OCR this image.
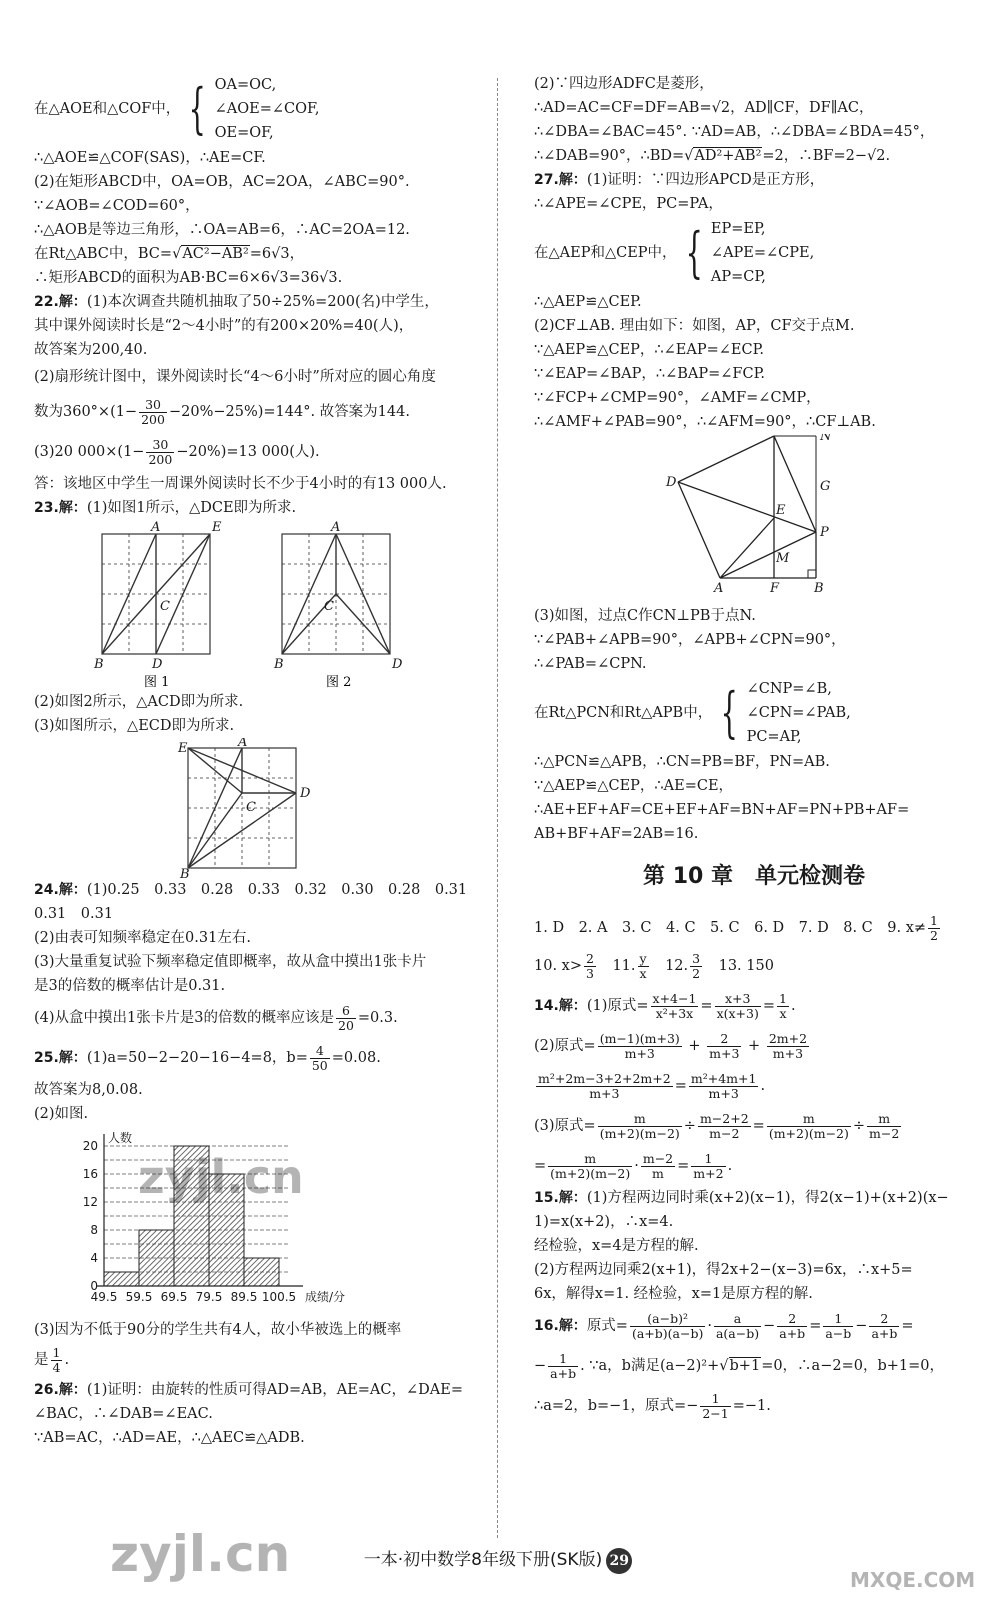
在△AOE和△COF中， { OA=OC,
∠AOE=∠COF,
OE=OF,
∴△AOE≌△COF(SAS)，∴AE=CF.
(2)在矩形ABCD中，OA=OB，AC=2OA，∠ABC=90°.
∵∠AOB=∠COD=60°，
∴△AOB是等边三角形，∴OA=AB=6，∴AC=2OA=12.
在Rt△ABC中，BC=√AC²−AB²=6√3，
∴矩形ABCD的面积为AB·BC=6×6√3=36√3.
22.解：(1)本次调查共随机抽取了50÷25%=200(名)中学生，
其中课外阅读时长是“2～4小时”的有200×20%=40(人)，
故答案为200,40.
(2)扇形统计图中，课外阅读时长“4～6小时”所对应的圆心角度
数为$360^\circ\times(1- \frac{30}{200} -20\%-25\%)=144^\circ$. 故答案为144.
(3)20 $000\times(1- \frac{30}{200} -20\%)=13$ 000(人).
答：该地区中学生一周课外阅读时长不少于4小时的有13 000人.
23.解：(1)如图1所示，△DCE即为所求.
A	E
C
B	D
A
C
B	D
图 1	图 2
(2)如图2所示，△ACD即为所求.
(3)如图所示，△ECD即为所求.
E	A
C
D
B
24.解：(1)0.25　0.33　0.28　0.33　0.32　0.30　0.28　0.31
0.31　0.31
(2)由表可知频率稳定在0.31左右.
(3)大量重复试验下频率稳定值即概率，故从盒中摸出1张卡片
是3的倍数的概率估计是0.31.
(4)从盒中摸出1张卡片是3的倍数的概率应该是 $\frac{6}{20} =0.3$.
25.解：(1)a=50−2−20−16−4=8，$b= \frac{4}{50} =0.08$.
故答案为8,0.08.
(2)如图.
0
4
8
12
16
20
49.5 59.5 69.5 79.5 89.5 100.5 成绩/分
人数
(3)因为不低于90分的学生共有4人，故小华被选上的概率
是 $\frac{1}{4}$ .
26.解：(1)证明：由旋转的性质可得AD=AB，AE=AC，∠DAE=
∠BAC，∴∠DAB=∠EAC.
∵AB=AC，∴AD=AE，∴△AEC≌△ADB.
(2)∵四边形ADFC是菱形，
∴AD=AC=CF=DF=AB=√2，AD∥CF，DF∥AC，
∴∠DBA=∠BAC=45°. ∵AD=AB，∴∠DBA=∠BDA=45°，
∴∠DAB=90°，∴BD=√AD²+AB²=2，∴BF=2−√2.
27.解：(1)证明：∵四边形APCD是正方形，
∴∠APE=∠CPE，PC=PA，
在△AEP和△CEP中， { EP=EP,
∠APE=∠CPE,
AP=CP,
∴△AEP≌△CEP.
(2)CF⊥AB. 理由如下：如图，AP，CF交于点M.
∵△AEP≌△CEP，∴∠EAP=∠ECP.
∵∠EAP=∠BAP，∴∠BAP=∠FCP.
∵∠FCP+∠CMP=90°，∠AMF=∠CMP，
∴∠AMF+∠PAB=90°，∴∠AFM=90°，∴CF⊥AB.
N
G
D
E
P
M
A	F	B
(3)如图，过点C作CN⊥PB于点N.
∵∠PAB+∠APB=90°，∠APB+∠CPN=90°，
∴∠PAB=∠CPN.
在Rt△PCN和Rt△APB中， { ∠CNP=∠B,
∠CPN=∠PAB,
PC=AP,
∴△PCN≌△APB，∴CN=PB=BF，PN=AB.
∵△AEP≌△CEP，∴AE=CE，
∴AE+EF+AF=CE+EF+AF=BN+AF=PN+PB+AF=
AB+BF+AF=2AB=16.
第 10 章　单元检测卷
1. D　2. A　3. C　4. C　5. C　6. D　7. D　8. C　9. $x\ne \frac{1}{2}$
10. $x> \frac{2}{3}$ 　11. $\frac{y}{x}$ 　12. $\frac{3}{2}$ 　13. 150
14.解：(1)原式= $\frac{x+4-1}{\text{x²+3x}} = \frac{x+3}{x(x+3)} = \frac{1}{x}$ .
(2)原式= $\frac{(m-1)(m+3)}{m+3} + \frac{2}{m+3} + \frac{2m+2}{m+3}$
$\frac{\text{m²+2m−3+2+2m+2}}{m+3} = \frac{\text{m²+4m+1}}{m+3}$ .
(3)原式= $\frac{m}{(m+2)(m-2)} \div \frac{m-2+2}{m-2} = \frac{m}{(m+2)(m-2)} \div \frac{m}{m-2}$
= $\frac{m}{(m+2)(m-2)} \cdot \frac{m-2}{m} = \frac{1}{m+2}$ .
15.解：(1)方程两边同时乘(x+2)(x−1)，得2(x−1)+(x+2)(x−
1)=x(x+2)，∴x=4.
经检验，x=4是方程的解.
(2)方程两边同乘2(x+1)，得2x+2−(x−3)=6x，∴x+5=
6x，解得x=1. 经检验，x=1是原方程的解.
16.解：原式= $\frac{\text{(a−b)²}}{(a+b)(a-b)} \cdot \frac{a}{a(a-b)} - \frac{2}{a+b} = \frac{1}{a-b} - \frac{2}{a+b}$ =
− $\frac{1}{a+b}$ . ∵a，b满足(a−2)²+√b+1=0，∴a−2=0，b+1=0，
∴a=2，b=−1，原式=− $\frac{1}{2-1} =-1$.
zyjl.cn
zyjl.cn	MXQE.COM
一本·初中数学8年级下册(SK版) 29
